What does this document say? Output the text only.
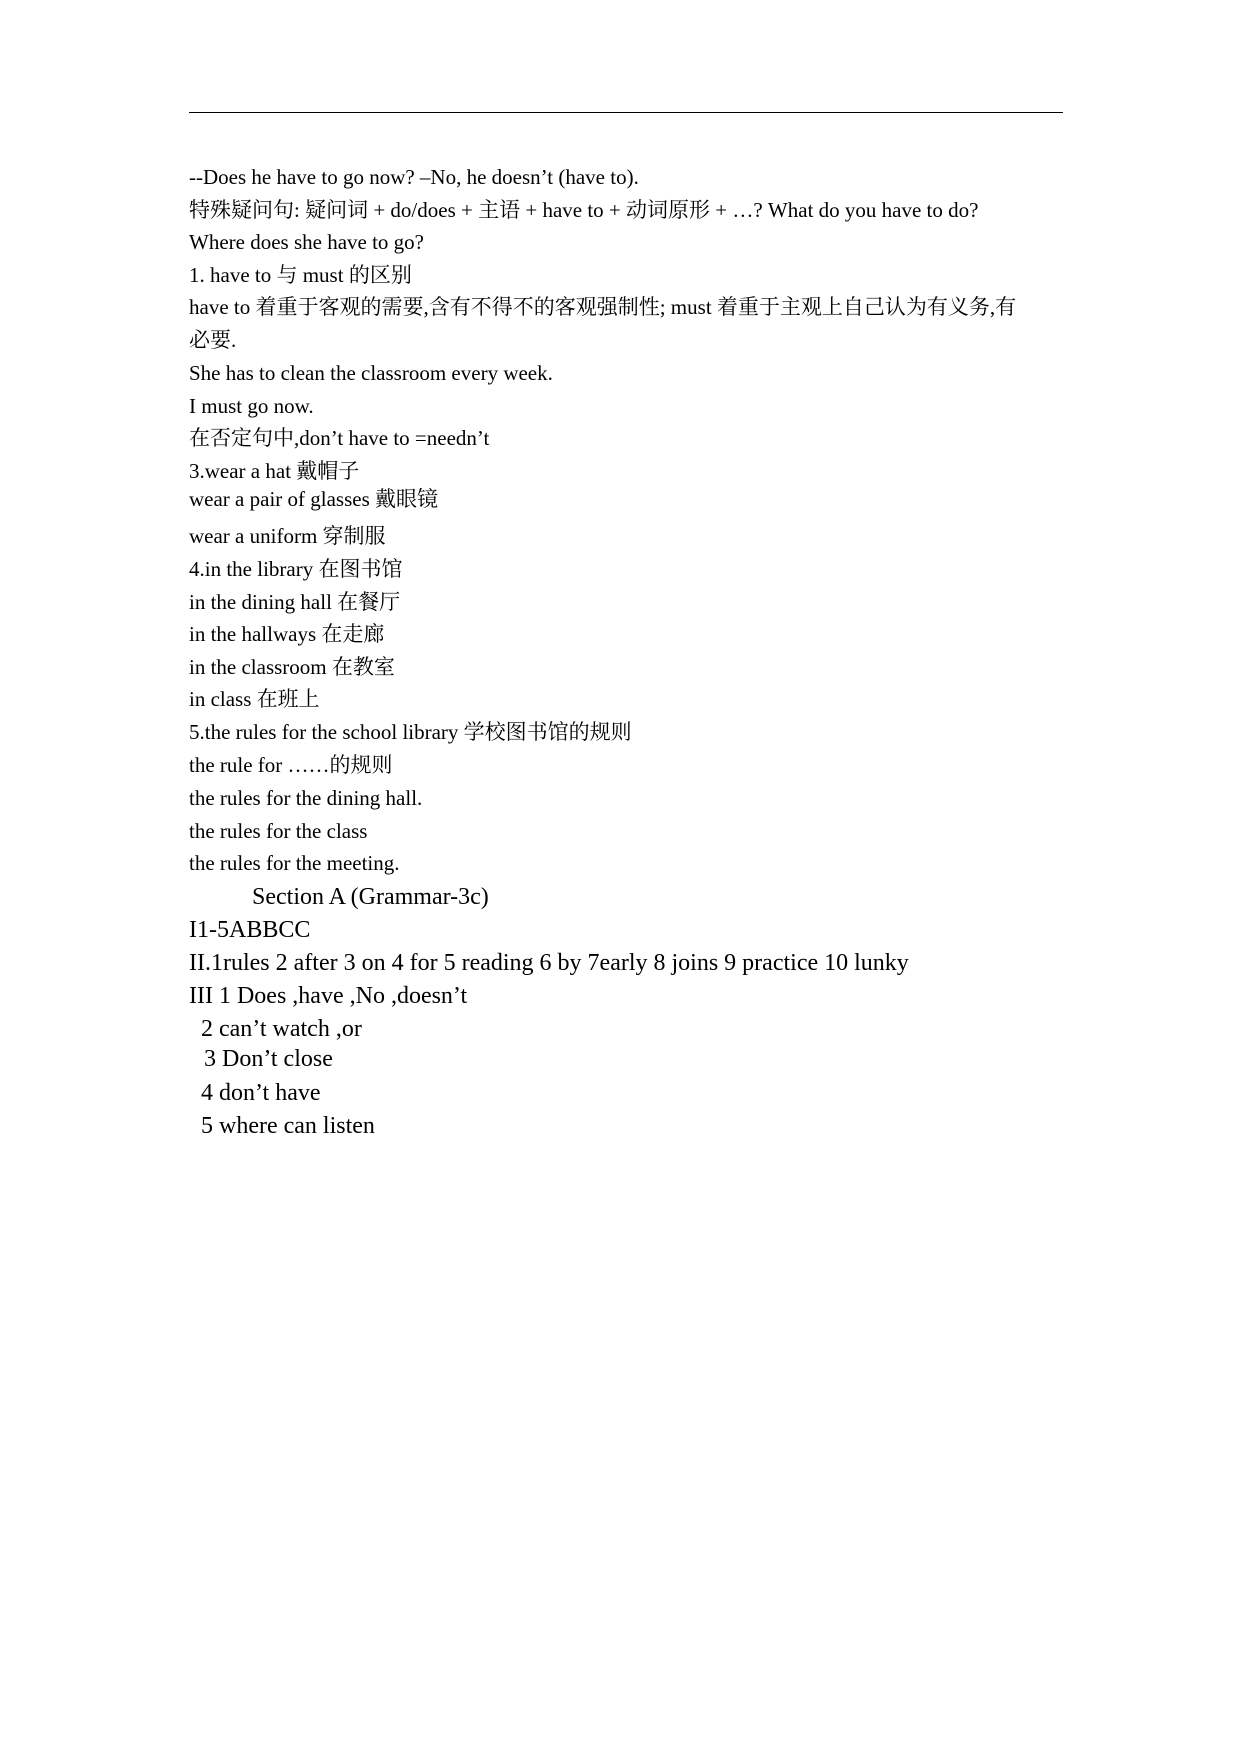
--Does he have to go now? –No, he doesn’t (have to).
特殊疑问句: 疑问词 + do/does + 主语 + have to + 动词原形 + …? What do you have to do?
Where does she have to go?
1. have to 与 must 的区别
have to 着重于客观的需要,含有不得不的客观强制性; must 着重于主观上自己认为有义务,有
必要.
She has to clean the classroom every week.
I must go now.
在否定句中,don’t have to =needn’t
3.wear a hat 戴帽子
wear a pair of glasses 戴眼镜
wear a uniform 穿制服
4.in the library 在图书馆
in the dining hall 在餐厅
in the hallways 在走廊
in the classroom 在教室
in class 在班上
5.the rules for the school library 学校图书馆的规则
the rule for ……的规则
the rules for the dining hall.
the rules for the class
the rules for the meeting.
Section A (Grammar-3c)
I1-5ABBCC
II.1rules 2 after 3 on 4 for 5 reading 6 by 7early 8 joins 9 practice 10 lunky
III 1 Does ,have ,No ,doesn’t
2 can’t watch ,or
3 Don’t close
4 don’t have
5 where can listen
